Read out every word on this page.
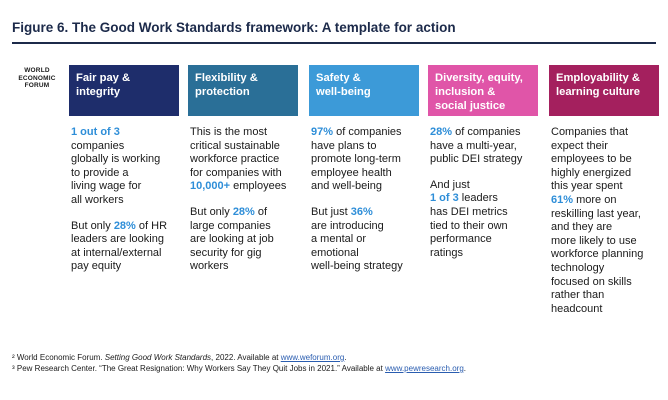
Figure 6. The Good Work Standards framework: A template for action
WORLD
ECONOMIC
FORUM
Fair pay &
integrity
1 out of 3
companies
globally is working
to provide a
living wage for
all workers
But only 28% of HR
leaders are looking
at internal/external
pay equity
Flexibility &
protection
This is the most
critical sustainable
workforce practice
for companies with
10,000+ employees
But only 28% of
large companies
are looking at job
security for gig
workers
Safety &
well-being
97% of companies
have plans to
promote long-term
employee health
and well-being
But just 36%
are introducing
a mental or
emotional
well-being strategy
Diversity, equity,
inclusion &
social justice
28% of companies
have a multi-year,
public DEI strategy
And just
1 of 3 leaders
has DEI metrics
tied to their own
performance
ratings
Employability &
learning culture
Companies that
expect their
employees to be
highly energized
this year spent
61% more on
reskilling last year,
and they are
more likely to use
workforce planning
technology
focused on skills
rather than
headcount
² World Economic Forum. Setting Good Work Standards, 2022. Available at www.weforum.org.
³ Pew Research Center. “The Great Resignation: Why Workers Say They Quit Jobs in 2021.” Available at www.pewresearch.org.
